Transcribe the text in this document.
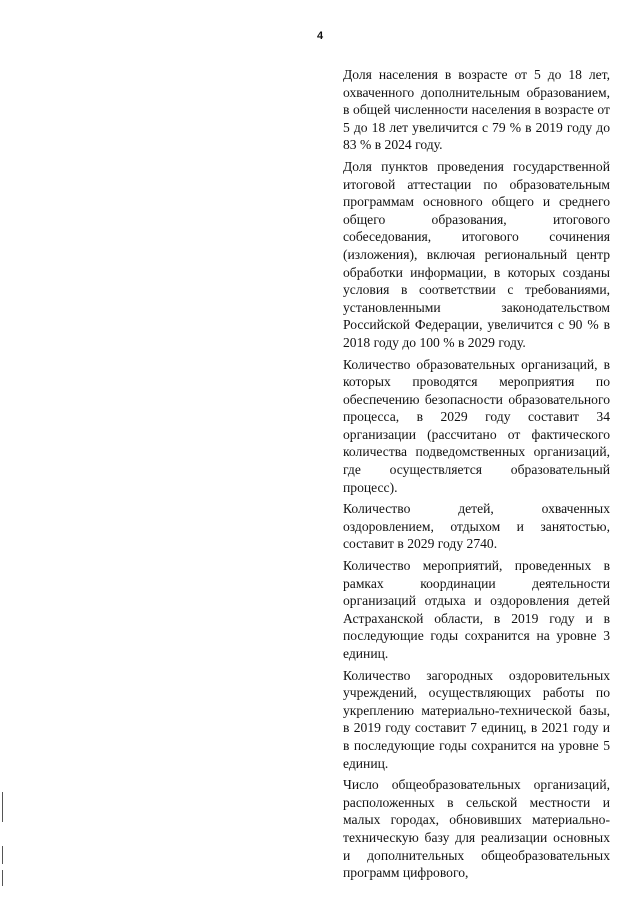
4

Доля населения в возрасте от 5 до 18 лет, охваченного дополнительным образованием, в общей численности населения в возрасте от 5 до 18 лет увеличится с 79 % в 2019 году до 83 % в 2024 году.

Доля пунктов проведения государственной итоговой аттестации по образовательным программам основного общего и среднего общего образования, итогового собеседования, итогового сочинения (изложения), включая региональный центр обработки информации, в которых созданы условия в соответствии с требованиями, установленными законодательством Российской Федерации, увеличится с 90 % в 2018 году до 100 % в 2029 году.

Количество образовательных организаций, в которых проводятся мероприятия по обеспечению безопасности образовательного процесса, в 2029 году составит 34 организации (рассчитано от фактического количества подведомственных организаций, где осуществляется образовательный процесс).

Количество детей, охваченных оздоровлением, отдыхом и занятостью, составит в 2029 году 2740.

Количество мероприятий, проведенных в рамках координации деятельности организаций отдыха и оздоровления детей Астраханской области, в 2019 году и в последующие годы сохранится на уровне 3 единиц.

Количество загородных оздоровительных учреждений, осуществляющих работы по укреплению материально-технической базы, в 2019 году составит 7 единиц, в 2021 году и в последующие годы сохранится на уровне 5 единиц.

Число общеобразовательных организаций, расположенных в сельской местности и малых городах, обновивших материально-техническую базу для реализации основных и дополнительных общеобразовательных программ цифрового,
